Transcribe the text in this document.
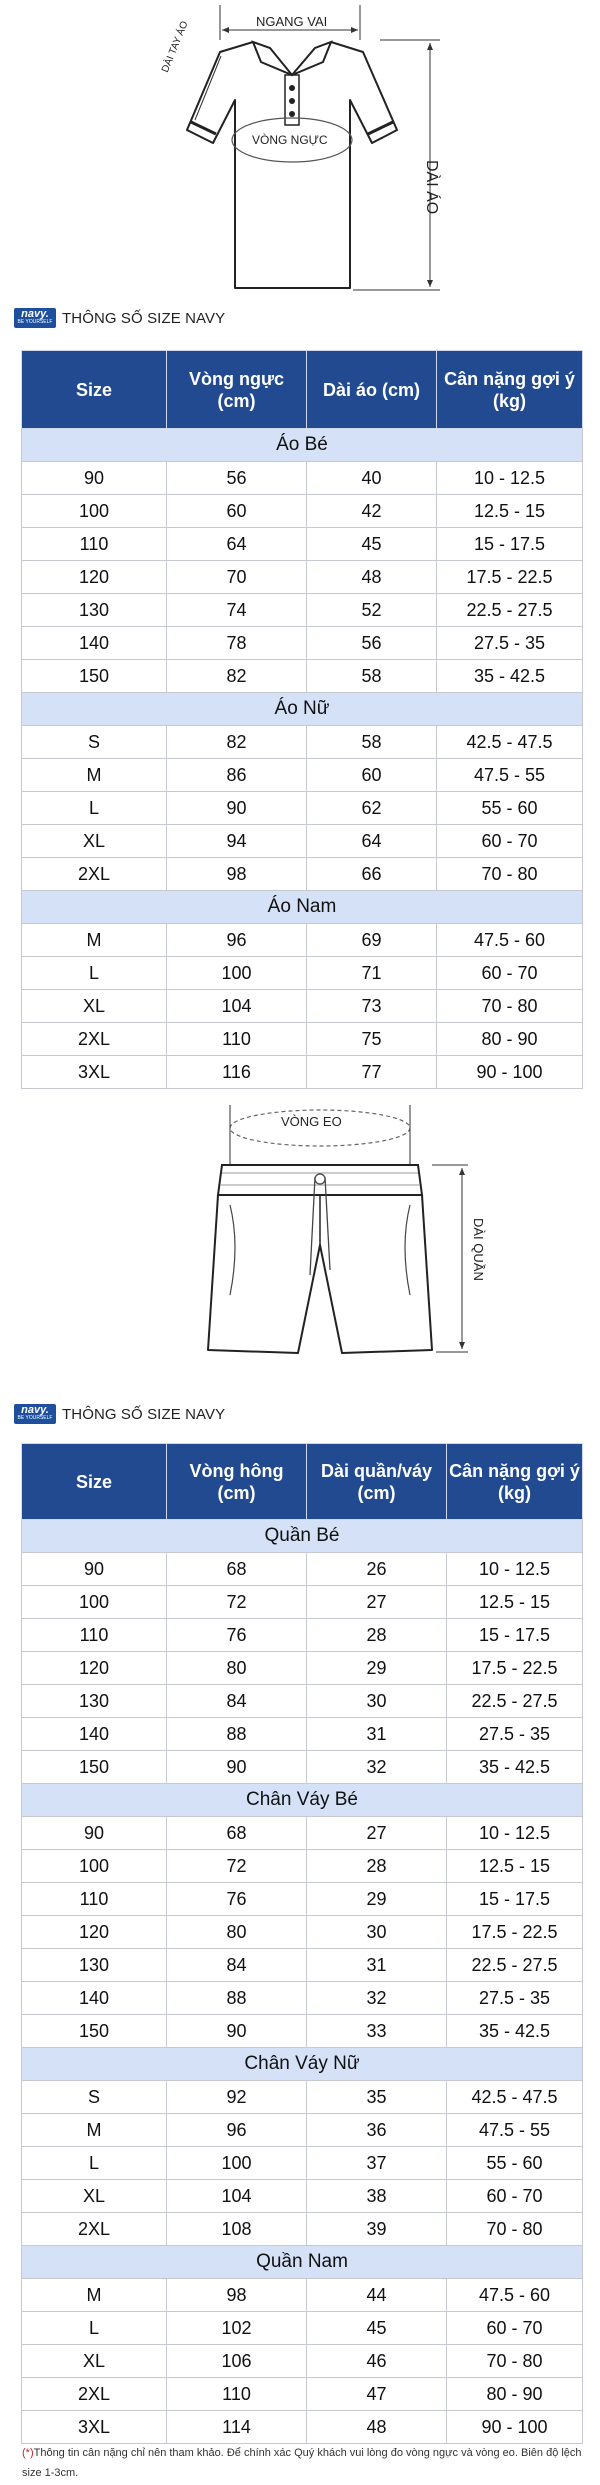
NGANG VAI
DÀI TAY ÁO
VÒNG NGỰC
DÀI ÁO
navy.
BE YOURSELF THÔNG SỐ SIZE NAVY
Size	Vòng ngực (cm)	Dài áo (cm)	Cân nặng gợi ý (kg)
Áo Bé			
90	56	40	10 - 12.5
100	60	42	12.5 - 15
110	64	45	15 - 17.5
120	70	48	17.5 - 22.5
130	74	52	22.5 - 27.5
140	78	56	27.5 - 35
150	82	58	35 - 42.5
Áo Nữ			
S	82	58	42.5 - 47.5
M	86	60	47.5 - 55
L	90	62	55 - 60
XL	94	64	60 - 70
2XL	98	66	70 - 80
Áo Nam			
M	96	69	47.5 - 60
L	100	71	60 - 70
XL	104	73	70 - 80
2XL	110	75	80 - 90
3XL	116	77	90 - 100
VÒNG EO
DÀI QUẦN
navy.
BE YOURSELF THÔNG SỐ SIZE NAVY
Size	Vòng hông (cm)	Dài quần/váy (cm)	Cân nặng gợi ý (kg)
Quần Bé			
90	68	26	10 - 12.5
100	72	27	12.5 - 15
110	76	28	15 - 17.5
120	80	29	17.5 - 22.5
130	84	30	22.5 - 27.5
140	88	31	27.5 - 35
150	90	32	35 - 42.5
Chân Váy Bé			
90	68	27	10 - 12.5
100	72	28	12.5 - 15
110	76	29	15 - 17.5
120	80	30	17.5 - 22.5
130	84	31	22.5 - 27.5
140	88	32	27.5 - 35
150	90	33	35 - 42.5
Chân Váy Nữ			
S	92	35	42.5 - 47.5
M	96	36	47.5 - 55
L	100	37	55 - 60
XL	104	38	60 - 70
2XL	108	39	70 - 80
Quần Nam			
M	98	44	47.5 - 60
L	102	45	60 - 70
XL	106	46	70 - 80
2XL	110	47	80 - 90
3XL	114	48	90 - 100
(*)Thông tin cân nặng chỉ nên tham khảo. Để chính xác Quý khách vui lòng đo vòng ngực và vòng eo. Biên độ lệch size 1-3cm.
